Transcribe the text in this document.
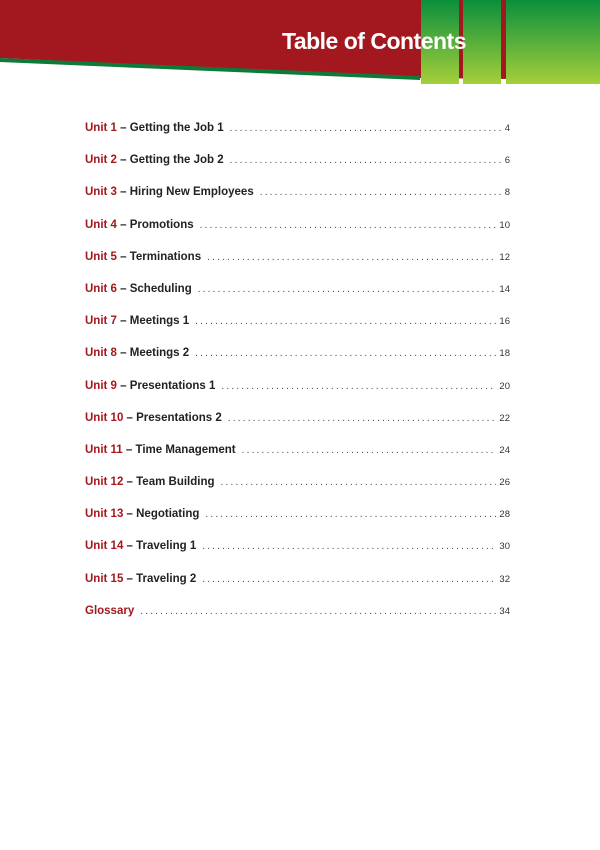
Table of Contents
Unit 1 – Getting the Job 1 .....	4
Unit 2 – Getting the Job 2 .....	6
Unit 3 – Hiring New Employees .....	8
Unit 4 – Promotions .....	10
Unit 5 – Terminations .....	12
Unit 6 – Scheduling .....	14
Unit 7 – Meetings 1 .....	16
Unit 8 – Meetings 2 .....	18
Unit 9 – Presentations 1 .....	20
Unit 10 – Presentations 2 .....	22
Unit 11 – Time Management .....	24
Unit 12 – Team Building .....	26
Unit 13 – Negotiating .....	28
Unit 14 – Traveling 1 .....	30
Unit 15 – Traveling 2 .....	32
Glossary .....	34
